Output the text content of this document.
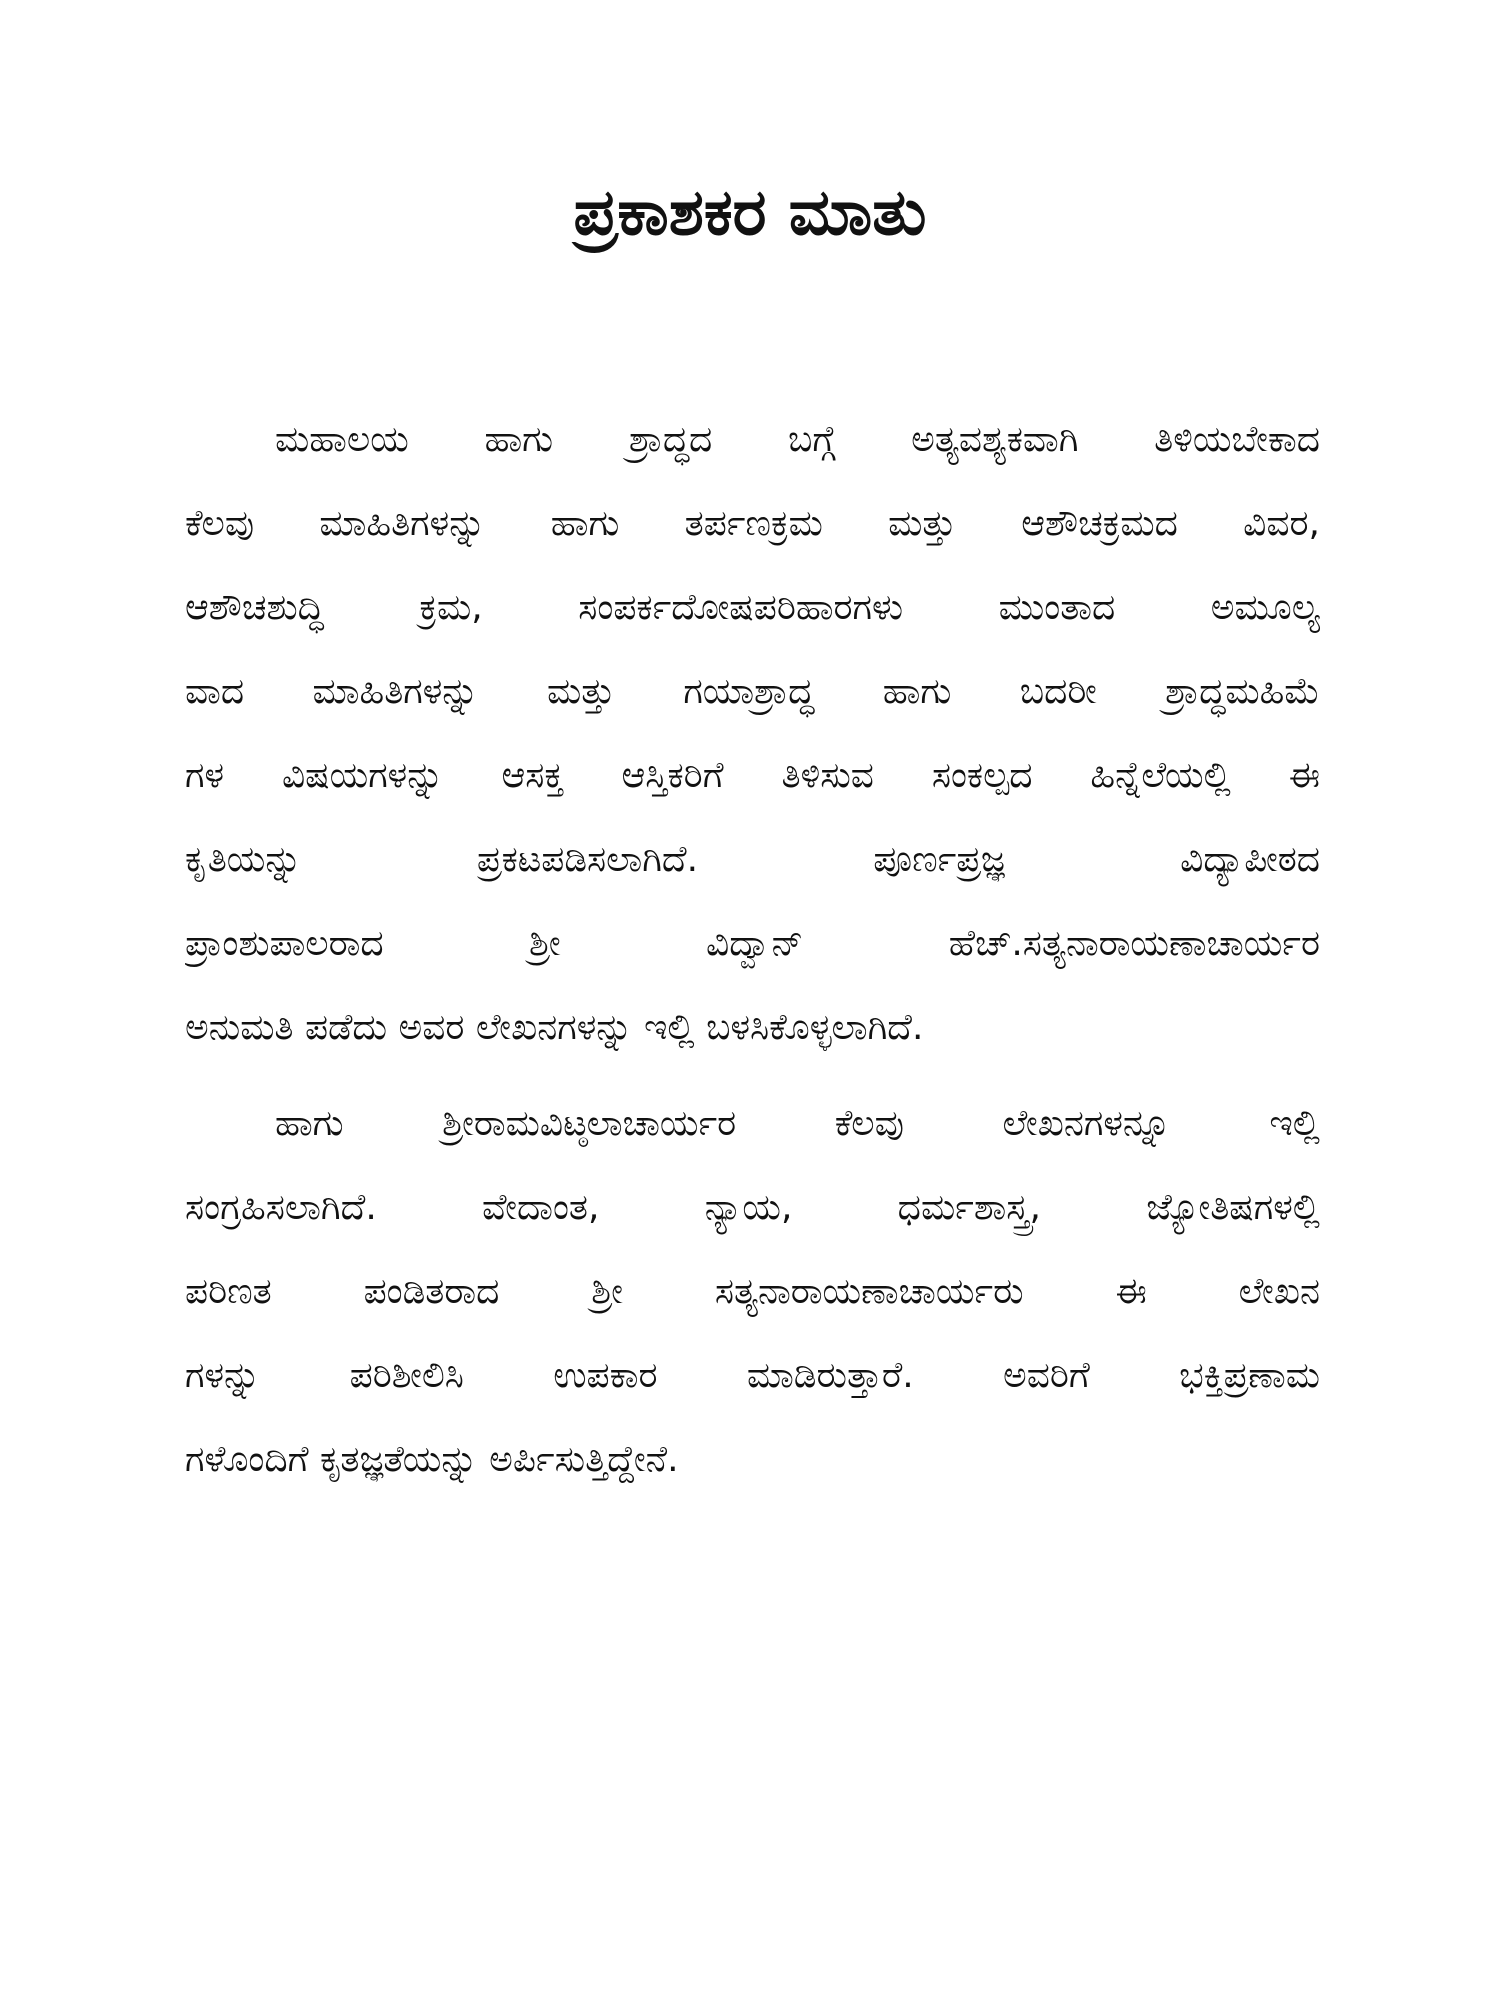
ಪ್ರಕಾಶಕರ ಮಾತು
ಮಹಾಲಯ ಹಾಗು ಶ್ರಾದ್ಧದ ಬಗ್ಗೆ ಅತ್ಯವಶ್ಯಕವಾಗಿ ತಿಳಿಯಬೇಕಾದ
ಕೆಲವು ಮಾಹಿತಿಗಳನ್ನು ಹಾಗು ತರ್ಪಣಕ್ರಮ ಮತ್ತು ಆಶೌಚಕ್ರಮದ ವಿವರ,
ಆಶೌಚಶುದ್ಧಿ ಕ್ರಮ, ಸಂಪರ್ಕದೋಷಪರಿಹಾರಗಳು ಮುಂತಾದ ಅಮೂಲ್ಯ
ವಾದ ಮಾಹಿತಿಗಳನ್ನು ಮತ್ತು ಗಯಾಶ್ರಾದ್ಧ ಹಾಗು ಬದರೀ ಶ್ರಾದ್ಧಮಹಿಮೆ
ಗಳ ವಿಷಯಗಳನ್ನು ಆಸಕ್ತ ಆಸ್ತಿಕರಿಗೆ ತಿಳಿಸುವ ಸಂಕಲ್ಪದ ಹಿನ್ನೆಲೆಯಲ್ಲಿ ಈ
ಕೃತಿಯನ್ನು ಪ್ರಕಟಪಡಿಸಲಾಗಿದೆ. ಪೂರ್ಣಪ್ರಜ್ಞ ವಿದ್ಯಾಪೀಠದ
ಪ್ರಾಂಶುಪಾಲರಾದ ಶ್ರೀ ವಿದ್ವಾನ್ ಹೆಚ್.ಸತ್ಯನಾರಾಯಣಾಚಾರ್ಯರ
ಅನುಮತಿ ಪಡೆದು ಅವರ ಲೇಖನಗಳನ್ನು ಇಲ್ಲಿ ಬಳಸಿಕೊಳ್ಳಲಾಗಿದೆ.
ಹಾಗು ಶ್ರೀರಾಮವಿಟ್ಠಲಾಚಾರ್ಯರ ಕೆಲವು ಲೇಖನಗಳನ್ನೂ ಇಲ್ಲಿ
ಸಂಗ್ರಹಿಸಲಾಗಿದೆ. ವೇದಾಂತ, ನ್ಯಾಯ, ಧರ್ಮಶಾಸ್ತ್ರ, ಜ್ಯೋತಿಷಗಳಲ್ಲಿ
ಪರಿಣತ ಪಂಡಿತರಾದ ಶ್ರೀ ಸತ್ಯನಾರಾಯಣಾಚಾರ್ಯರು ಈ ಲೇಖನ
ಗಳನ್ನು ಪರಿಶೀಲಿಸಿ ಉಪಕಾರ ಮಾಡಿರುತ್ತಾರೆ. ಅವರಿಗೆ ಭಕ್ತಿಪ್ರಣಾಮ
ಗಳೊಂದಿಗೆ ಕೃತಜ್ಞತೆಯನ್ನು ಅರ್ಪಿಸುತ್ತಿದ್ದೇನೆ.
